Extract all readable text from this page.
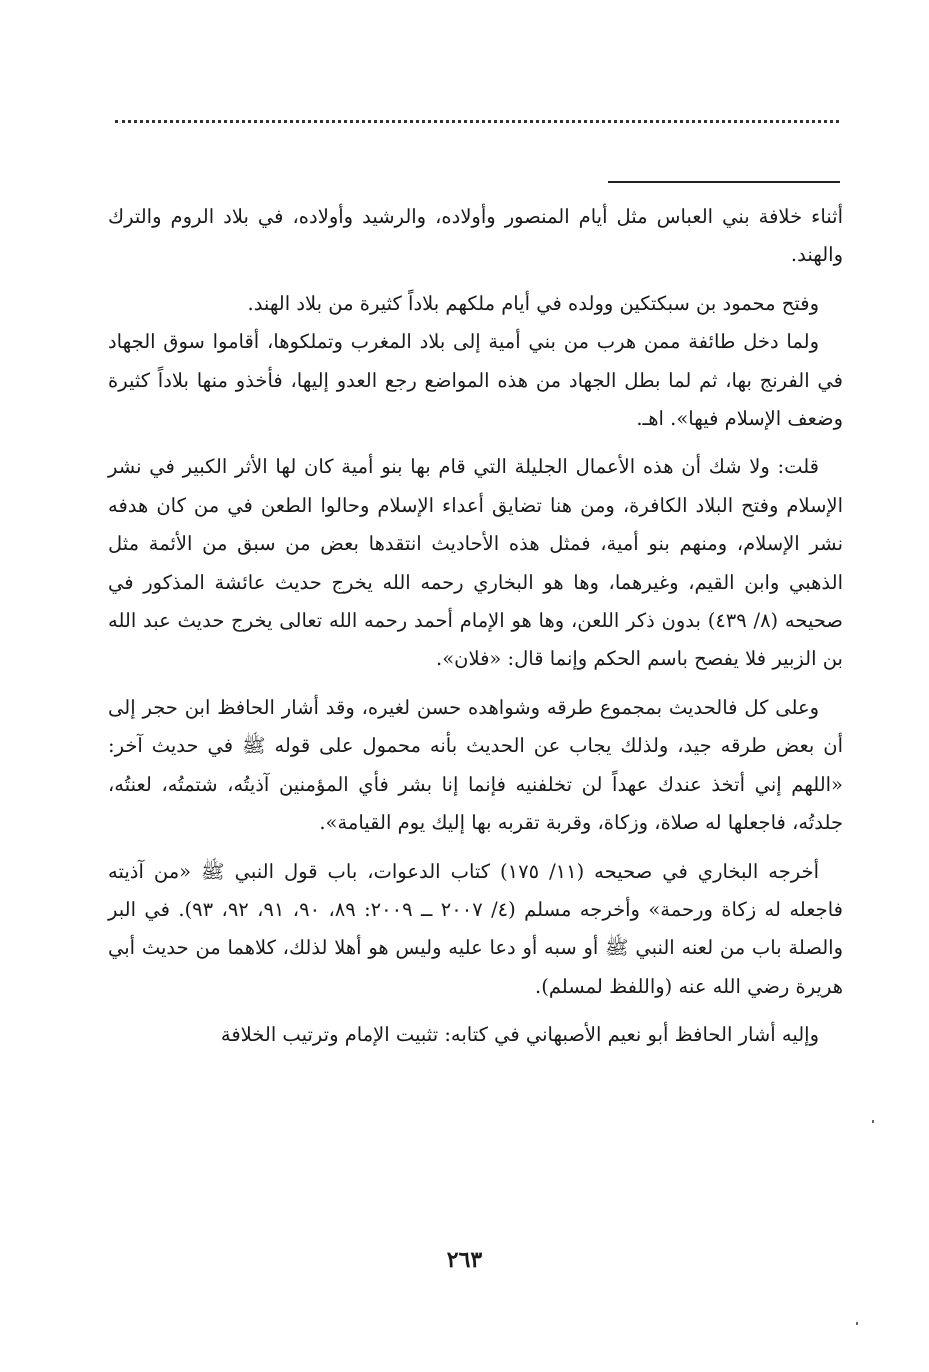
أثناء خلافة بني العباس مثل أيام المنصور وأولاده، والرشيد وأولاده، في بلاد الروم والترك والهند.

وفتح محمود بن سبكتكين وولده في أيام ملكهم بلاداً كثيرة من بلاد الهند.

ولما دخل طائفة ممن هرب من بني أمية إلى بلاد المغرب وتملكوها، أقاموا سوق الجهاد في الفرنج بها، ثم لما بطل الجهاد من هذه المواضع رجع العدو إليها، فأخذو منها بلاداً كثيرة وضعف الإسلام فيها». اهـ.

قلت: ولا شك أن هذه الأعمال الجليلة التي قام بها بنو أمية كان لها الأثر الكبير في نشر الإسلام وفتح البلاد الكافرة، ومن هنا تضايق أعداء الإسلام وحالوا الطعن في من كان هدفه نشر الإسلام، ومنهم بنو أمية، فمثل هذه الأحاديث انتقدها بعض من سبق من الأئمة مثل الذهبي وابن القيم، وغيرهما، وها هو البخاري رحمه الله يخرج حديث عائشة المذكور في صحيحه (٨/ ٤٣٩) بدون ذكر اللعن، وها هو الإمام أحمد رحمه الله تعالى يخرج حديث عبد الله بن الزبير فلا يفصح باسم الحكم وإنما قال: «فلان».

وعلى كل فالحديث بمجموع طرقه وشواهده حسن لغيره، وقد أشار الحافظ ابن حجر إلى أن بعض طرقه جيد، ولذلك يجاب عن الحديث بأنه محمول على قوله ﷺ في حديث آخر: «اللهم إني أتخذ عندك عهداً لن تخلفنيه فإنما إنا بشر فأي المؤمنين آذيتُه، شتمتُه، لعنتُه، جلدتُه، فاجعلها له صلاة، وزكاة، وقربة تقربه بها إليك يوم القيامة».

أخرجه البخاري في صحيحه (١١/ ١٧٥) كتاب الدعوات، باب قول النبي ﷺ «من آذيته فاجعله له زكاة ورحمة» وأخرجه مسلم (٤/ ٢٠٠٧ ــ ٢٠٠٩: ٨٩، ٩٠، ٩١، ٩٢، ٩٣). في البر والصلة باب من لعنه النبي ﷺ أو سبه أو دعا عليه وليس هو أهلا لذلك، كلاهما من حديث أبي هريرة رضي الله عنه (واللفظ لمسلم).

وإليه أشار الحافظ أبو نعيم الأصبهاني في كتابه: تثبيت الإمام وترتيب الخلافة

٢٦٣
